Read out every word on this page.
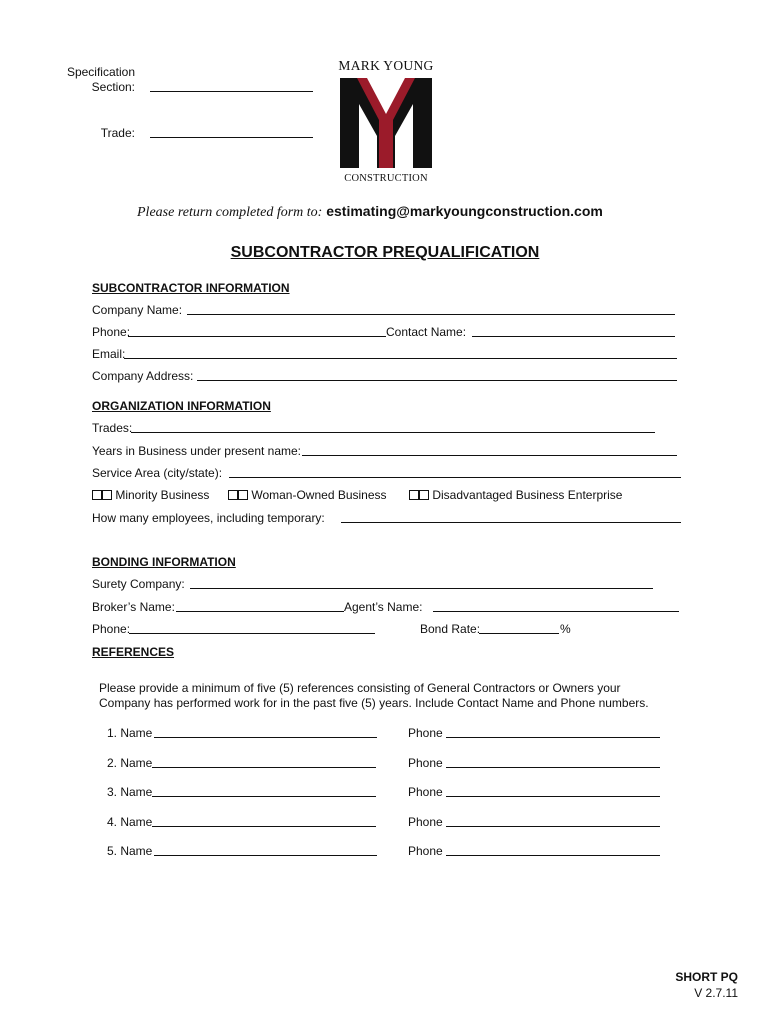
Specification
Section:
Trade:
MARK YOUNG
CONSTRUCTION
Please return completed form to: estimating@markyoungconstruction.com
SUBCONTRACTOR PREQUALIFICATION
SUBCONTRACTOR INFORMATION
Company Name:
Phone:	Contact Name:
Email:
Company Address:
ORGANIZATION INFORMATION
Trades:
Years in Business under present name:
Service Area (city/state):
Minority Business	Woman-Owned Business	Disadvantaged Business Enterprise
How many employees, including temporary:
BONDING INFORMATION
Surety Company:
Broker’s Name:	Agent’s Name:
Phone:	Bond Rate:	%
REFERENCES
Please provide a minimum of five (5) references consisting of General Contractors or Owners your
Company has performed work for in the past five (5) years. Include Contact Name and Phone numbers.
1. Name	Phone
2. Name	Phone
3. Name	Phone
4. Name	Phone
5. Name	Phone
SHORT PQ
V 2.7.11
